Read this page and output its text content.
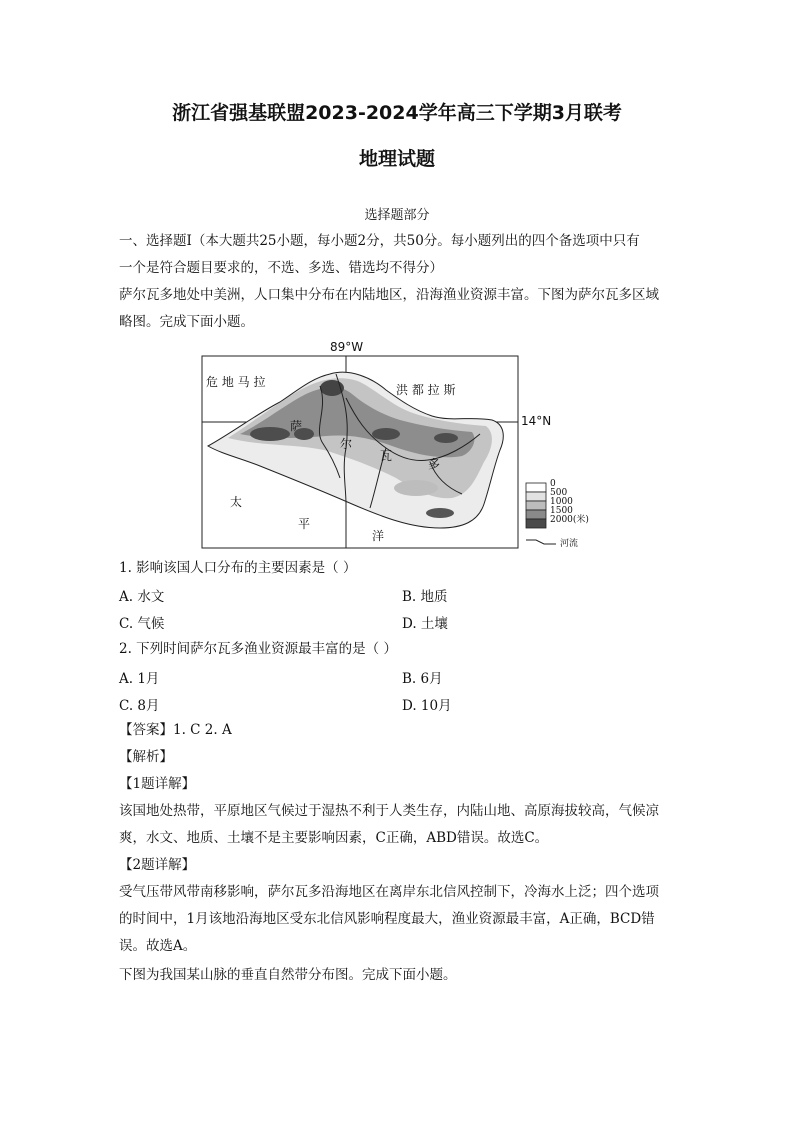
浙江省强基联盟2023-2024学年高三下学期3月联考
地理试题
选择题部分
一、选择题Ⅰ（本大题共25小题，每小题2分，共50分。每小题列出的四个备选项中只有
一个是符合题目要求的，不选、多选、错选均不得分）
萨尔瓦多地处中美洲，人口集中分布在内陆地区，沿海渔业资源丰富。下图为萨尔瓦多区域
略图。完成下面小题。
89°W
14°N
危 地 马 拉
洪 都 拉 斯
萨
尔
瓦
多
太
平
洋
0
500
1000
1500
2000(米)
河流
1. 影响该国人口分布的主要因素是（ ）
A. 水文	B. 地质
C. 气候	D. 土壤
2. 下列时间萨尔瓦多渔业资源最丰富的是（ ）
A. 1月	B. 6月
C. 8月	D. 10月
【答案】1. C 2. A
【解析】
【1题详解】
该国地处热带，平原地区气候过于湿热不利于人类生存，内陆山地、高原海拔较高，气候凉
爽，水文、地质、土壤不是主要影响因素，C正确，ABD错误。故选C。
【2题详解】
受气压带风带南移影响，萨尔瓦多沿海地区在离岸东北信风控制下，冷海水上泛；四个选项
的时间中，1月该地沿海地区受东北信风影响程度最大，渔业资源最丰富，A正确，BCD错
误。故选A。
下图为我国某山脉的垂直自然带分布图。完成下面小题。
